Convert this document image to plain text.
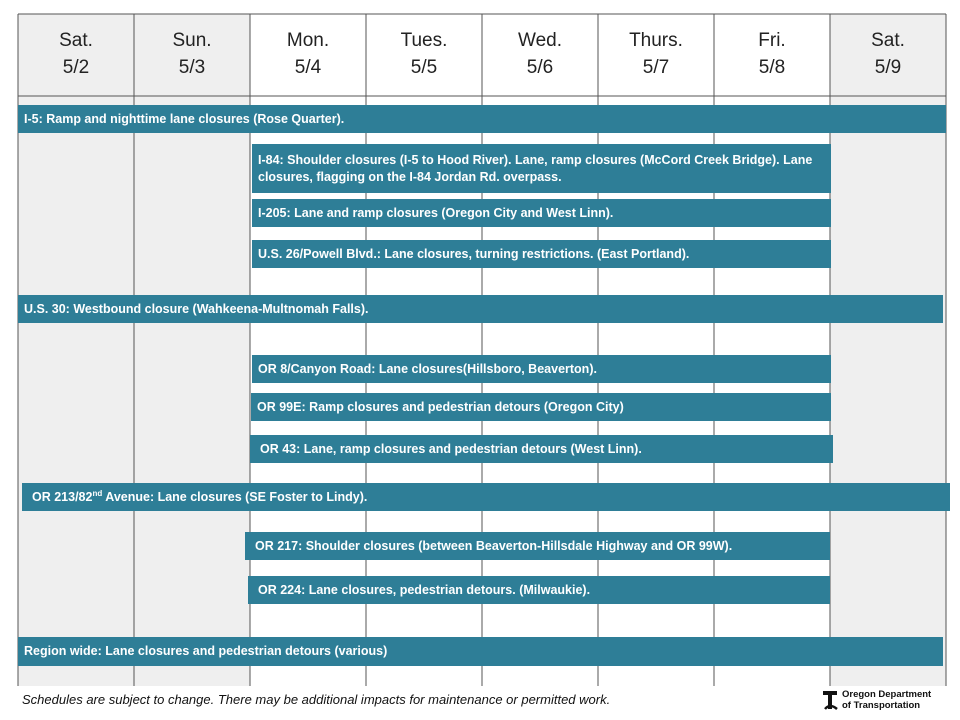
Sat.
5/2
Sun.
5/3
Mon.
5/4
Tues.
5/5
Wed.
5/6
Thurs.
5/7
Fri.
5/8
Sat.
5/9
I-5: Ramp and nighttime lane closures (Rose Quarter).
I-84: Shoulder closures (I-5 to Hood River). Lane, ramp closures (McCord Creek Bridge). Lane closures, flagging on the I-84 Jordan Rd. overpass.
I-205: Lane and ramp closures (Oregon City and West Linn).
U.S. 26/Powell Blvd.: Lane closures, turning restrictions. (East Portland).
U.S. 30: Westbound closure (Wahkeena-Multnomah Falls).
OR 8/Canyon Road: Lane closures(Hillsboro, Beaverton).
OR 99E: Ramp closures and pedestrian detours (Oregon City)
OR 43: Lane, ramp closures and pedestrian detours (West Linn).
OR 213/82nd Avenue: Lane closures (SE Foster to Lindy).
OR 217: Shoulder closures (between Beaverton-Hillsdale Highway and OR 99W).
OR 224: Lane closures, pedestrian detours. (Milwaukie).
Region wide: Lane closures and pedestrian detours (various)
Schedules are subject to change. There may be additional impacts for maintenance or permitted work.	Oregon Department
of Transportation
